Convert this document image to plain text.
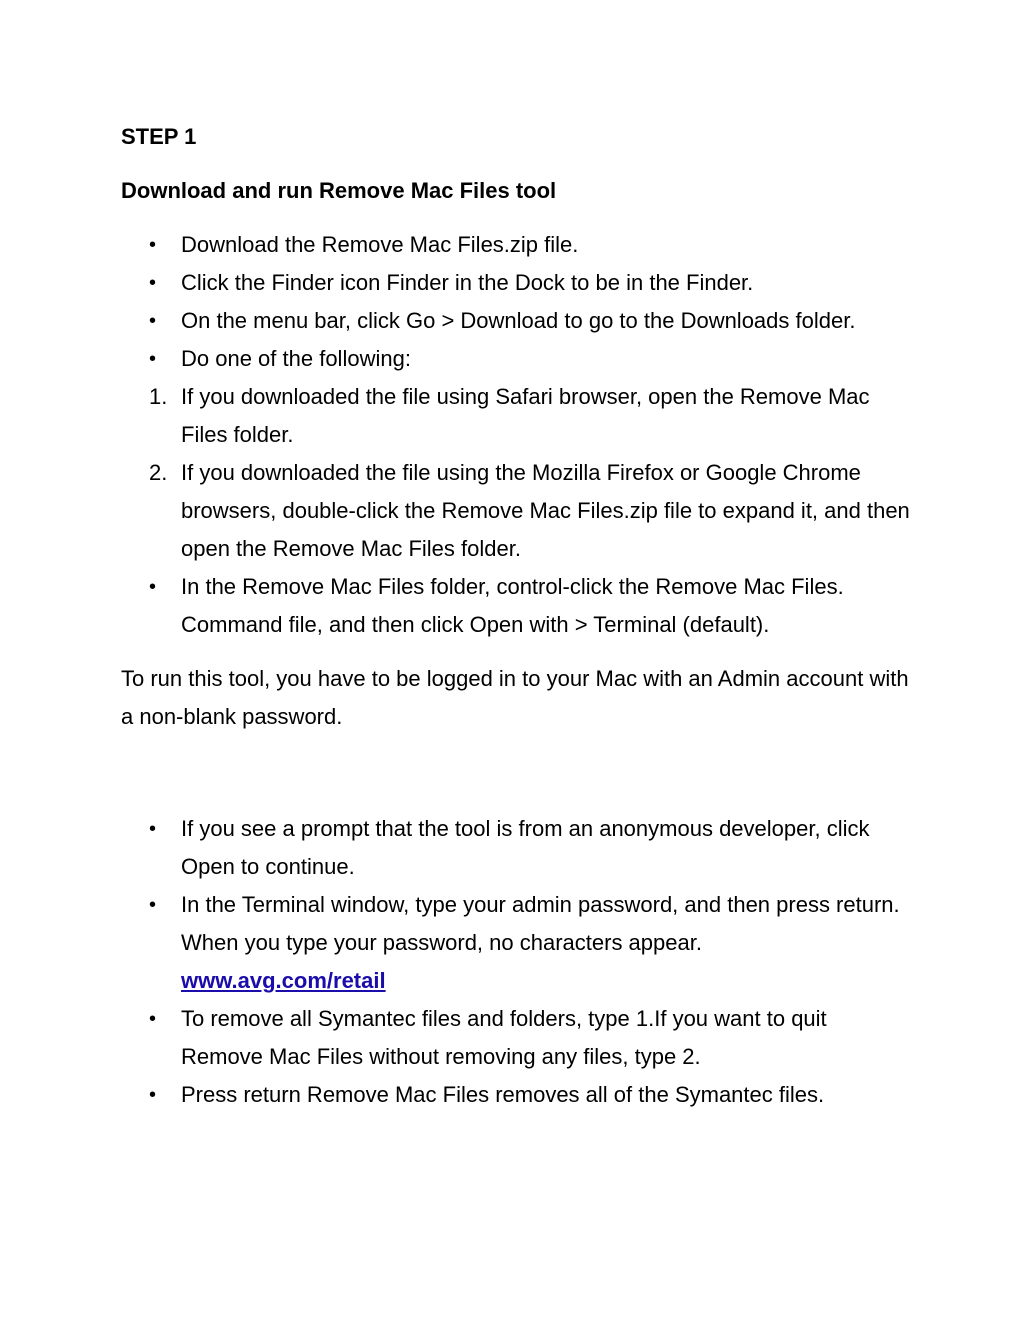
STEP 1

Download and run Remove Mac Files tool

•	Download the Remove Mac Files.zip file.
•	Click the Finder icon Finder in the Dock to be in the Finder.
•	On the menu bar, click Go > Download to go to the Downloads folder.
•	Do one of the following:
1. If you downloaded the file using Safari browser, open the Remove Mac Files folder.
2. If you downloaded the file using the Mozilla Firefox or Google Chrome browsers, double-click the Remove Mac Files.zip file to expand it, and then open the Remove Mac Files folder.
•	In the Remove Mac Files folder, control-click the Remove Mac Files. Command file, and then click Open with > Terminal (default).

To run this tool, you have to be logged in to your Mac with an Admin account with a non-blank password.

•	If you see a prompt that the tool is from an anonymous developer, click Open to continue.
•	In the Terminal window, type your admin password, and then press return. When you type your password, no characters appear. www.avg.com/retail
•	To remove all Symantec files and folders, type 1.If you want to quit Remove Mac Files without removing any files, type 2.
•	Press return Remove Mac Files removes all of the Symantec files.
